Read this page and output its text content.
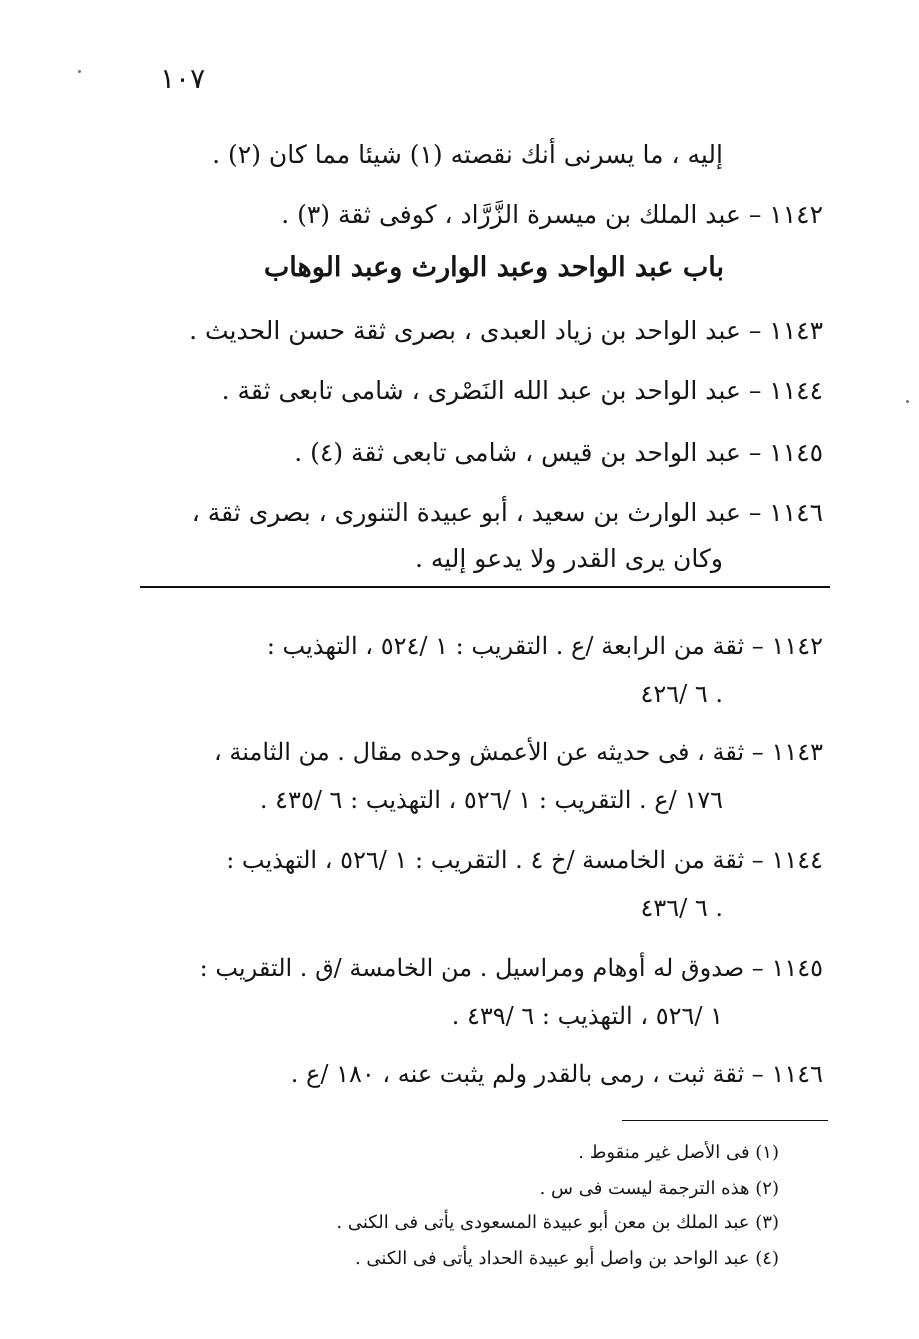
١٠٧
إليه ، ما يسرنى أنك نقصته (١) شيئا مما كان (٢) .
١١٤٢ – عبد الملك بن ميسرة الزَّرَّاد ، كوفى ثقة (٣) .
باب عبد الواحد وعبد الوارث وعبد الوهاب
١١٤٣ – عبد الواحد بن زياد العبدى ، بصرى ثقة حسن الحديث .
١١٤٤ – عبد الواحد بن عبد الله النَصْرى ، شامى تابعى ثقة .
١١٤٥ – عبد الواحد بن قيس ، شامى تابعى ثقة (٤) .
١١٤٦ – عبد الوارث بن سعيد ، أبو عبيدة التنورى ، بصرى ثقة ،
وكان يرى القدر ولا يدعو إليه .
١١٤٢ – ثقة من الرابعة /ع . التقريب : ١ /٥٢٤ ، التهذيب :
٦ /٤٢٦ .
١١٤٣ – ثقة ، فى حديثه عن الأعمش وحده مقال . من الثامنة ،
١٧٦ /ع . التقريب : ١ /٥٢٦ ، التهذيب : ٦ /٤٣٥ .
١١٤٤ – ثقة من الخامسة /خ ٤ . التقريب : ١ /٥٢٦ ، التهذيب :
٦ /٤٣٦ .
١١٤٥ – صدوق له أوهام ومراسيل . من الخامسة /ق . التقريب :
١ /٥٢٦ ، التهذيب : ٦ /٤٣٩ .
١١٤٦ – ثقة ثبت ، رمى بالقدر ولم يثبت عنه ، ١٨٠ /ع .
(١) فى الأصل غير منقوط .
(٢) هذه الترجمة ليست فى س .
(٣) عبد الملك بن معن أبو عبيدة المسعودى يأتى فى الكنى .
(٤) عبد الواحد بن واصل أبو عبيدة الحداد يأتى فى الكنى .
